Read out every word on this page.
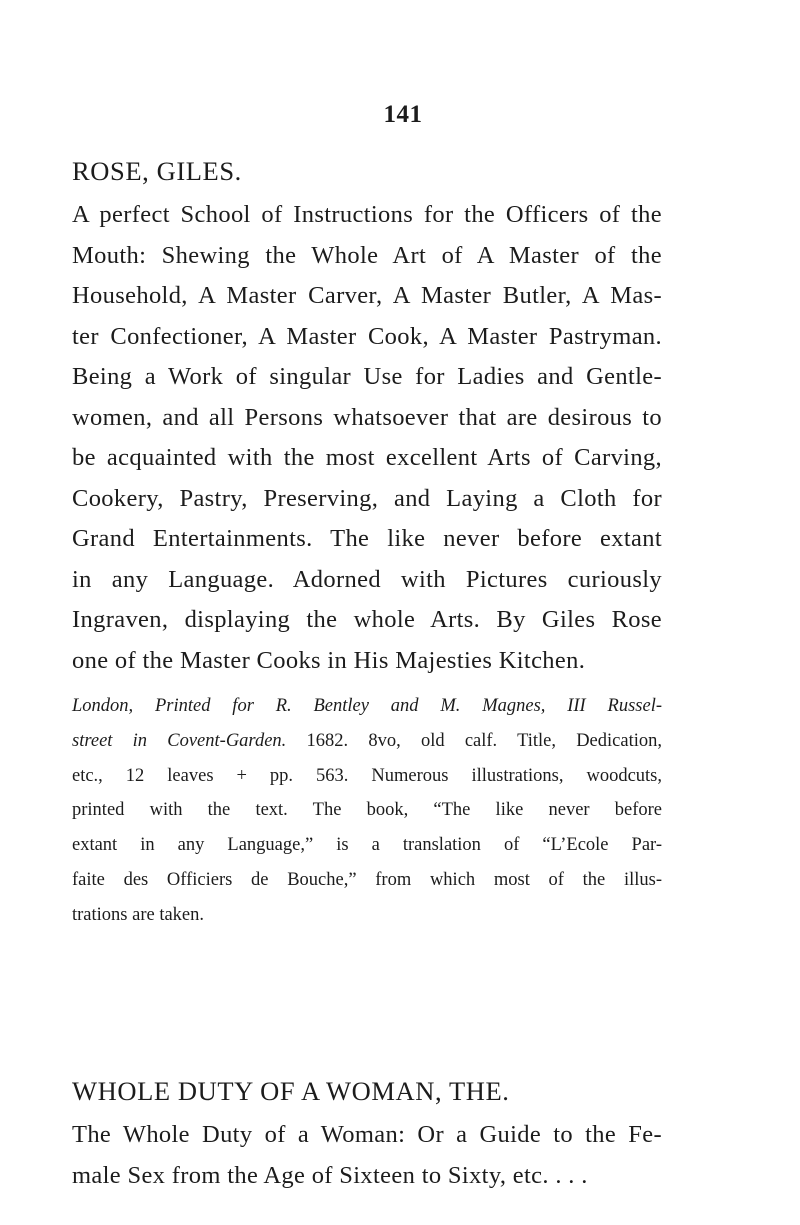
141
ROSE, GILES.
A perfect School of Instructions for the Officers of the
Mouth: Shewing the Whole Art of A Master of the
Household, A Master Carver, A Master Butler, A Mas-
ter Confectioner, A Master Cook, A Master Pastryman.
Being a Work of singular Use for Ladies and Gentle-
women, and all Persons whatsoever that are desirous to
be acquainted with the most excellent Arts of Carving,
Cookery, Pastry, Preserving, and Laying a Cloth for
Grand Entertainments. The like never before extant
in any Language. Adorned with Pictures curiously
Ingraven, displaying the whole Arts. By Giles Rose
one of the Master Cooks in His Majesties Kitchen.
London, Printed for R. Bentley and M. Magnes, III Russel-
street in Covent-Garden. 1682. 8vo, old calf. Title, Dedication,
etc., 12 leaves + pp. 563. Numerous illustrations, woodcuts,
printed with the text. The book, “The like never before
extant in any Language,” is a translation of “L’Ecole Par-
faite des Officiers de Bouche,” from which most of the illus-
trations are taken.
WHOLE DUTY OF A WOMAN, THE.
The Whole Duty of a Woman: Or a Guide to the Fe-
male Sex from the Age of Sixteen to Sixty, etc. . . .
